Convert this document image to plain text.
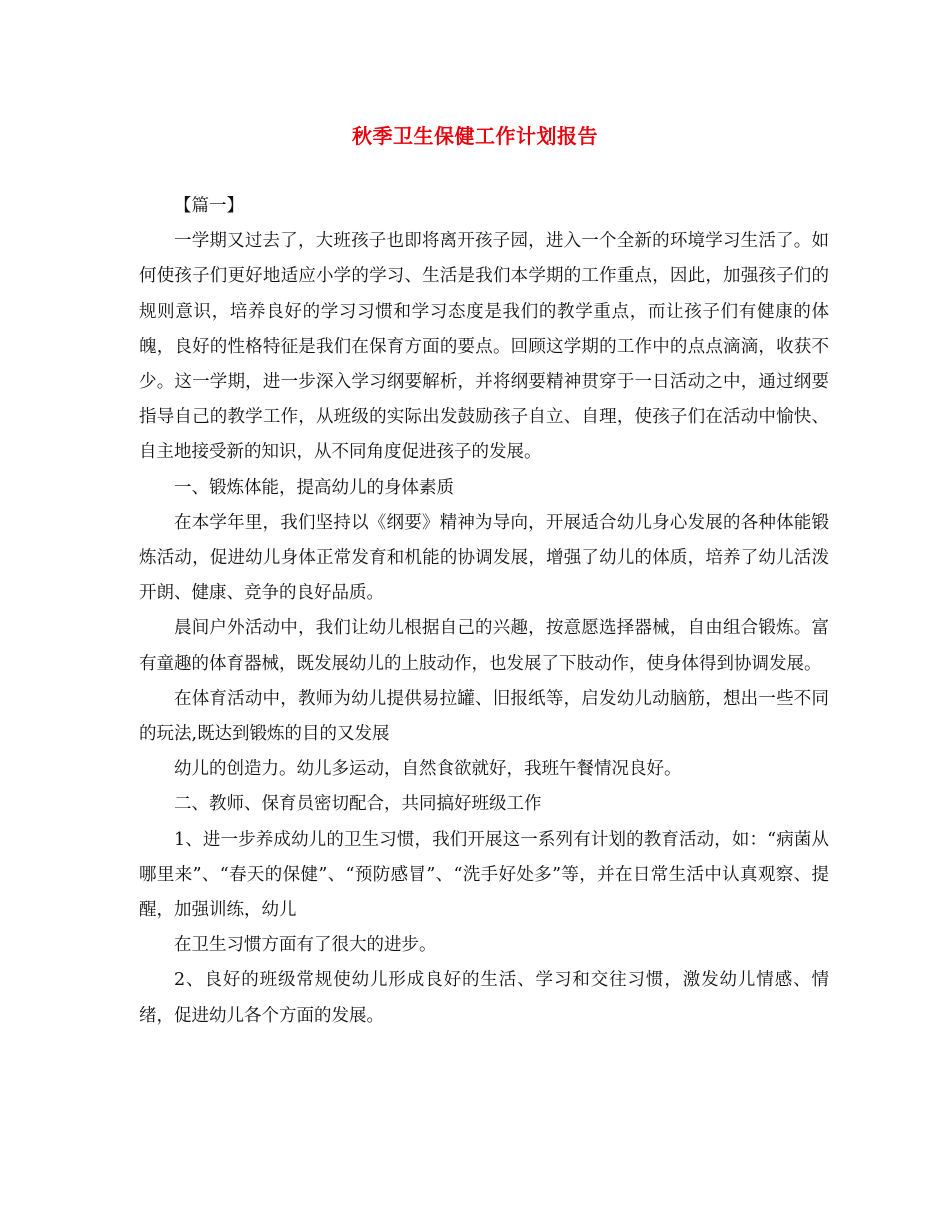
秋季卫生保健工作计划报告

【篇一】

一学期又过去了，大班孩子也即将离开孩子园，进入一个全新的环境学习生活了。如何使孩子们更好地适应小学的学习、生活是我们本学期的工作重点，因此，加强孩子们的规则意识，培养良好的学习习惯和学习态度是我们的教学重点，而让孩子们有健康的体魄，良好的性格特征是我们在保育方面的要点。回顾这学期的工作中的点点滴滴，收获不少。这一学期，进一步深入学习纲要解析，并将纲要精神贯穿于一日活动之中，通过纲要指导自己的教学工作，从班级的实际出发鼓励孩子自立、自理，使孩子们在活动中愉快、自主地接受新的知识，从不同角度促进孩子的发展。

一、锻炼体能，提高幼儿的身体素质

在本学年里，我们坚持以《纲要》精神为导向，开展适合幼儿身心发展的各种体能锻炼活动，促进幼儿身体正常发育和机能的协调发展，增强了幼儿的体质，培养了幼儿活泼开朗、健康、竞争的良好品质。

晨间户外活动中，我们让幼儿根据自己的兴趣，按意愿选择器械，自由组合锻炼。富有童趣的体育器械，既发展幼儿的上肢动作，也发展了下肢动作，使身体得到协调发展。

在体育活动中，教师为幼儿提供易拉罐、旧报纸等，启发幼儿动脑筋，想出一些不同的玩法,既达到锻炼的目的又发展

幼儿的创造力。幼儿多运动，自然食欲就好，我班午餐情况良好。

二、教师、保育员密切配合，共同搞好班级工作

1、进一步养成幼儿的卫生习惯，我们开展这一系列有计划的教育活动，如：“病菌从哪里来”、“春天的保健”、“预防感冒”、“洗手好处多”等，并在日常生活中认真观察、提醒，加强训练，幼儿

在卫生习惯方面有了很大的进步。

2、良好的班级常规使幼儿形成良好的生活、学习和交往习惯，激发幼儿情感、情绪，促进幼儿各个方面的发展。
